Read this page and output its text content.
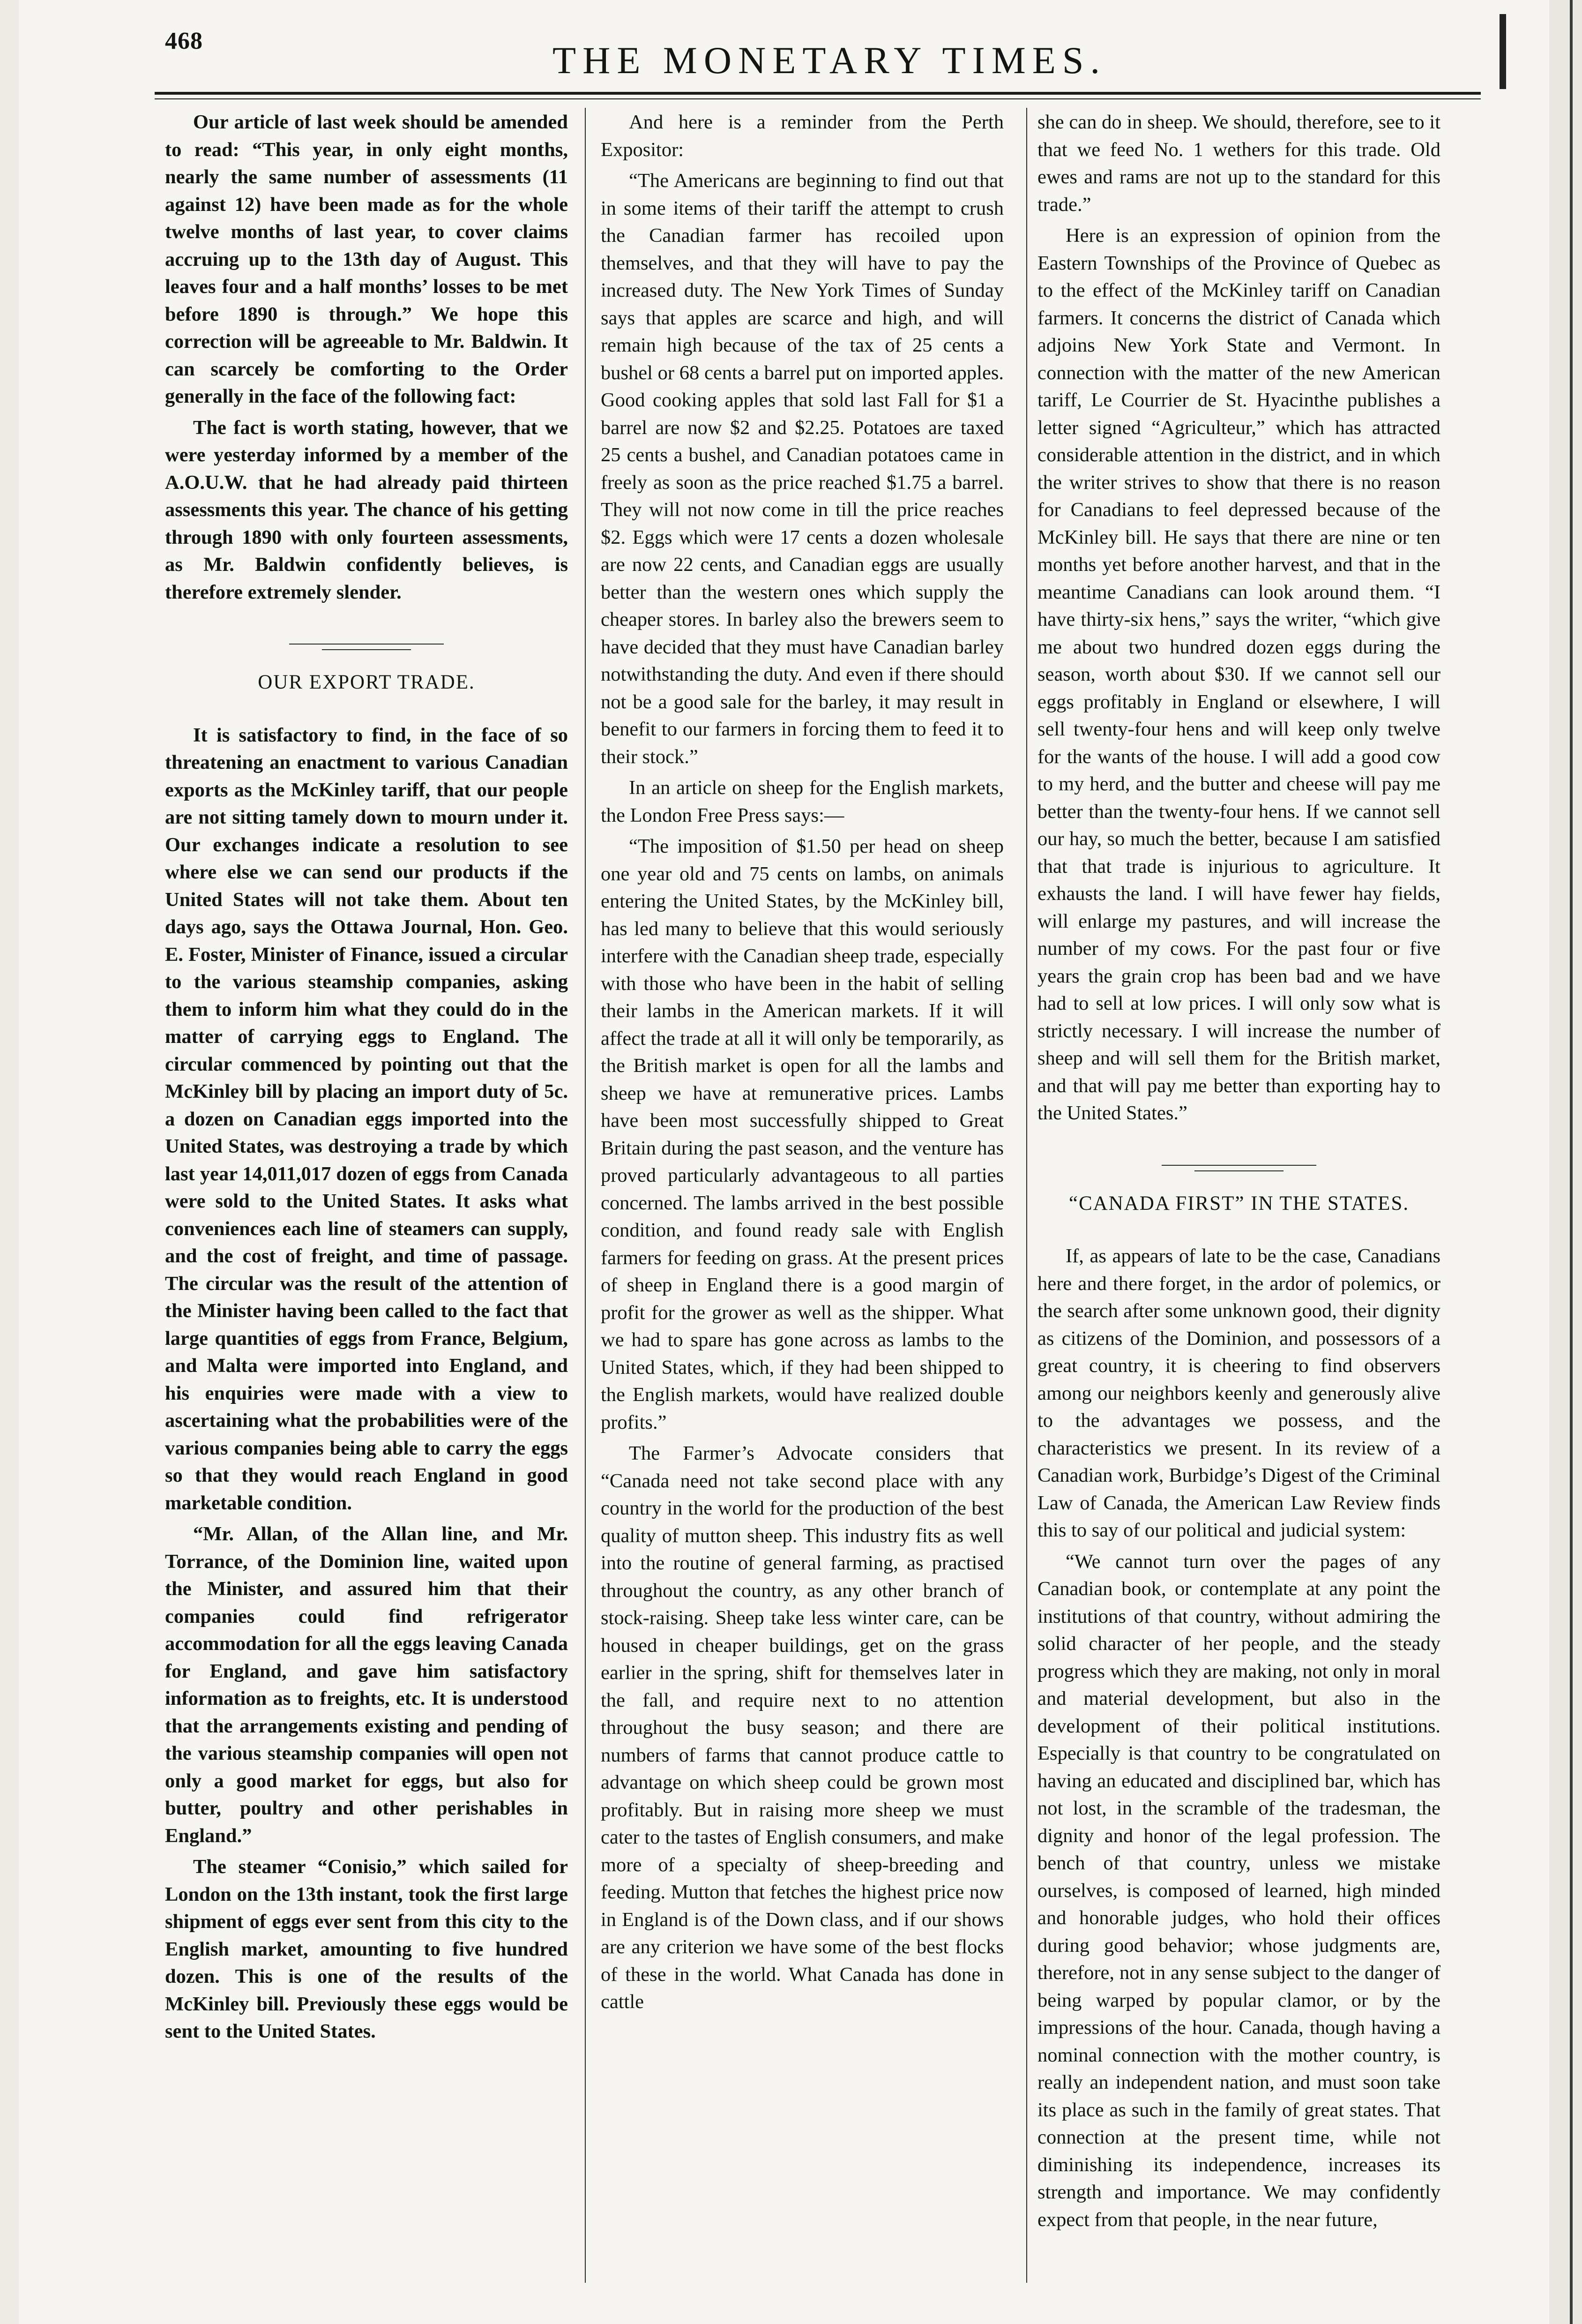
468	THE MONETARY TIMES.

Our article of last week should be amended to read: “This year, in only eight months, nearly the same number of assessments (11 against 12) have been made as for the whole twelve months of last year, to cover claims accruing up to the 13th day of August. This leaves four and a half months’ losses to be met before 1890 is through.” We hope this correction will be agreeable to Mr. Baldwin. It can scarcely be comforting to the Order generally in the face of the following fact:

The fact is worth stating, however, that we were yesterday informed by a member of the A.O.U.W. that he had already paid thirteen assessments this year. The chance of his getting through 1890 with only fourteen assessments, as Mr. Baldwin confidently believes, is therefore extremely slender.

OUR EXPORT TRADE.

It is satisfactory to find, in the face of so threatening an enactment to various Canadian exports as the McKinley tariff, that our people are not sitting tamely down to mourn under it. Our exchanges indicate a resolution to see where else we can send our products if the United States will not take them. About ten days ago, says the Ottawa Journal, Hon. Geo. E. Foster, Minister of Finance, issued a circular to the various steamship companies, asking them to inform him what they could do in the matter of carrying eggs to England. The circular commenced by pointing out that the McKinley bill by placing an import duty of 5c. a dozen on Canadian eggs imported into the United States, was destroying a trade by which last year 14,011,017 dozen of eggs from Canada were sold to the United States. It asks what conveniences each line of steamers can supply, and the cost of freight, and time of passage. The circular was the result of the attention of the Minister having been called to the fact that large quantities of eggs from France, Belgium, and Malta were imported into England, and his enquiries were made with a view to ascertaining what the probabilities were of the various companies being able to carry the eggs so that they would reach England in good marketable condition.

“Mr. Allan, of the Allan line, and Mr. Torrance, of the Dominion line, waited upon the Minister, and assured him that their companies could find refrigerator accommodation for all the eggs leaving Canada for England, and gave him satisfactory information as to freights, etc. It is understood that the arrangements existing and pending of the various steamship companies will open not only a good market for eggs, but also for butter, poultry and other perishables in England.”

The steamer “Conisio,” which sailed for London on the 13th instant, took the first large shipment of eggs ever sent from this city to the English market, amounting to five hundred dozen. This is one of the results of the McKinley bill. Previously these eggs would be sent to the United States.

And here is a reminder from the Perth Expositor:

“The Americans are beginning to find out that in some items of their tariff the attempt to crush the Canadian farmer has recoiled upon themselves, and that they will have to pay the increased duty. The New York Times of Sunday says that apples are scarce and high, and will remain high because of the tax of 25 cents a bushel or 68 cents a barrel put on imported apples. Good cooking apples that sold last Fall for $1 a barrel are now $2 and $2.25. Potatoes are taxed 25 cents a bushel, and Canadian potatoes came in freely as soon as the price reached $1.75 a barrel. They will not now come in till the price reaches $2. Eggs which were 17 cents a dozen wholesale are now 22 cents, and Canadian eggs are usually better than the western ones which supply the cheaper stores. In barley also the brewers seem to have decided that they must have Canadian barley notwithstanding the duty. And even if there should not be a good sale for the barley, it may result in benefit to our farmers in forcing them to feed it to their stock.”

In an article on sheep for the English markets, the London Free Press says:—

“The imposition of $1.50 per head on sheep one year old and 75 cents on lambs, on animals entering the United States, by the McKinley bill, has led many to believe that this would seriously interfere with the Canadian sheep trade, especially with those who have been in the habit of selling their lambs in the American markets. If it will affect the trade at all it will only be temporarily, as the British market is open for all the lambs and sheep we have at remunerative prices. Lambs have been most successfully shipped to Great Britain during the past season, and the venture has proved particularly advantageous to all parties concerned. The lambs arrived in the best possible condition, and found ready sale with English farmers for feeding on grass. At the present prices of sheep in England there is a good margin of profit for the grower as well as the shipper. What we had to spare has gone across as lambs to the United States, which, if they had been shipped to the English markets, would have realized double profits.”

The Farmer’s Advocate considers that “Canada need not take second place with any country in the world for the production of the best quality of mutton sheep. This industry fits as well into the routine of general farming, as practised throughout the country, as any other branch of stock-raising. Sheep take less winter care, can be housed in cheaper buildings, get on the grass earlier in the spring, shift for themselves later in the fall, and require next to no attention throughout the busy season; and there are numbers of farms that cannot produce cattle to advantage on which sheep could be grown most profitably. But in raising more sheep we must cater to the tastes of English consumers, and make more of a specialty of sheep-breeding and feeding. Mutton that fetches the highest price now in England is of the Down class, and if our shows are any criterion we have some of the best flocks of these in the world. What Canada has done in cattle

she can do in sheep. We should, therefore, see to it that we feed No. 1 wethers for this trade. Old ewes and rams are not up to the standard for this trade.”

Here is an expression of opinion from the Eastern Townships of the Province of Quebec as to the effect of the McKinley tariff on Canadian farmers. It concerns the district of Canada which adjoins New York State and Vermont. In connection with the matter of the new American tariff, Le Courrier de St. Hyacinthe publishes a letter signed “Agriculteur,” which has attracted considerable attention in the district, and in which the writer strives to show that there is no reason for Canadians to feel depressed because of the McKinley bill. He says that there are nine or ten months yet before another harvest, and that in the meantime Canadians can look around them. “I have thirty-six hens,” says the writer, “which give me about two hundred dozen eggs during the season, worth about $30. If we cannot sell our eggs profitably in England or elsewhere, I will sell twenty-four hens and will keep only twelve for the wants of the house. I will add a good cow to my herd, and the butter and cheese will pay me better than the twenty-four hens. If we cannot sell our hay, so much the better, because I am satisfied that that trade is injurious to agriculture. It exhausts the land. I will have fewer hay fields, will enlarge my pastures, and will increase the number of my cows. For the past four or five years the grain crop has been bad and we have had to sell at low prices. I will only sow what is strictly necessary. I will increase the number of sheep and will sell them for the British market, and that will pay me better than exporting hay to the United States.”

“CANADA FIRST” IN THE STATES.

If, as appears of late to be the case, Canadians here and there forget, in the ardor of polemics, or the search after some unknown good, their dignity as citizens of the Dominion, and possessors of a great country, it is cheering to find observers among our neighbors keenly and generously alive to the advantages we possess, and the characteristics we present. In its review of a Canadian work, Burbidge’s Digest of the Criminal Law of Canada, the American Law Review finds this to say of our political and judicial system:

“We cannot turn over the pages of any Canadian book, or contemplate at any point the institutions of that country, without admiring the solid character of her people, and the steady progress which they are making, not only in moral and material development, but also in the development of their political institutions. Especially is that country to be congratulated on having an educated and disciplined bar, which has not lost, in the scramble of the tradesman, the dignity and honor of the legal profession. The bench of that country, unless we mistake ourselves, is composed of learned, high minded and honorable judges, who hold their offices during good behavior; whose judgments are, therefore, not in any sense subject to the danger of being warped by popular clamor, or by the impressions of the hour. Canada, though having a nominal connection with the mother country, is really an independent nation, and must soon take its place as such in the family of great states. That connection at the present time, while not diminishing its independence, increases its strength and importance. We may confidently expect from that people, in the near future,
